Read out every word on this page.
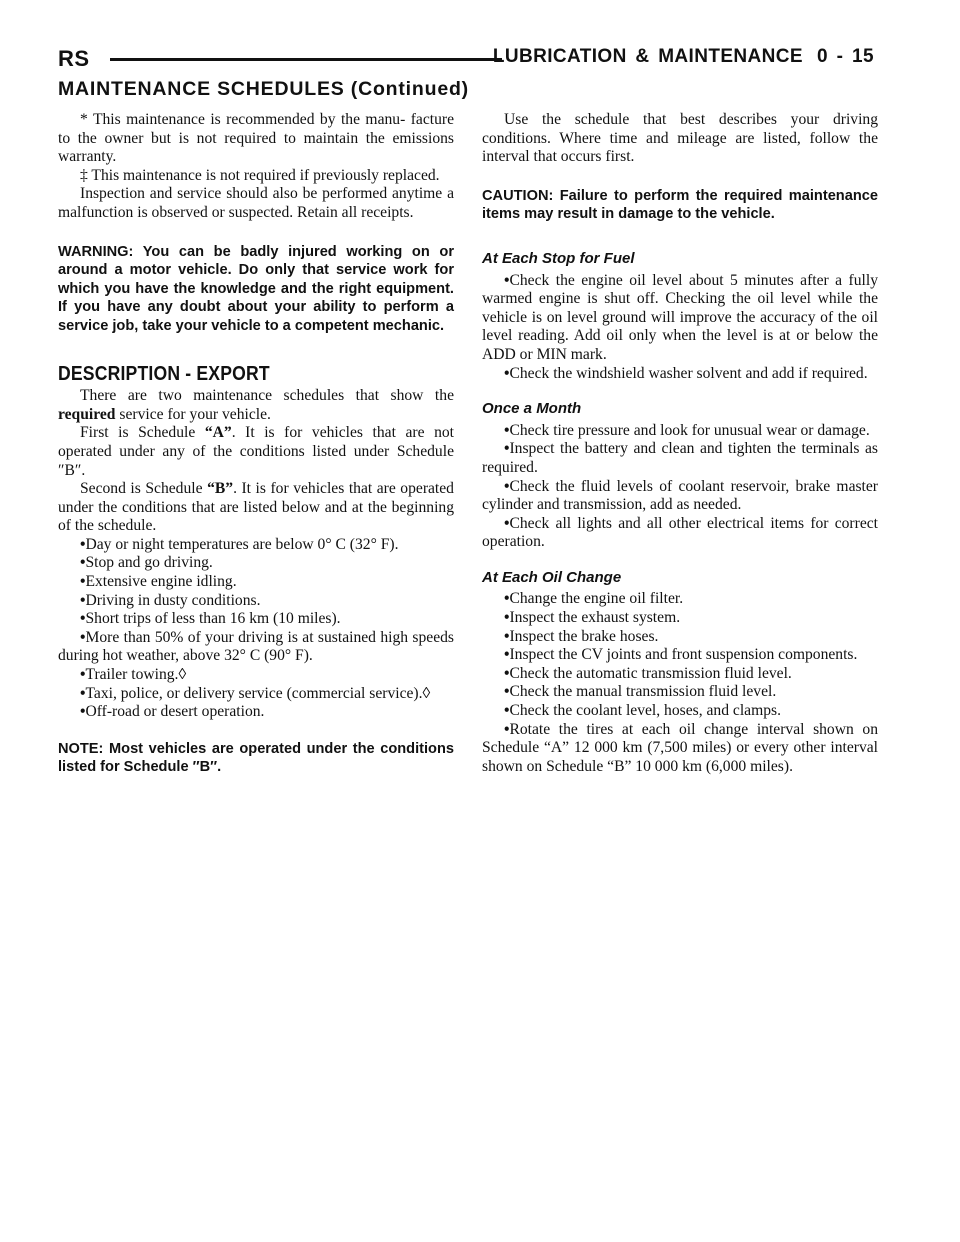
RS	LUBRICATION & MAINTENANCE 0 - 15
MAINTENANCE SCHEDULES (Continued)

* This maintenance is recommended by the manu- facture to the owner but is not required to maintain the emissions warranty.

‡ This maintenance is not required if previously replaced.

Inspection and service should also be performed anytime a malfunction is observed or suspected. Retain all receipts.

WARNING: You can be badly injured working on or around a motor vehicle. Do only that service work for which you have the knowledge and the right equipment. If you have any doubt about your ability to perform a service job, take your vehicle to a competent mechanic.

DESCRIPTION - EXPORT

There are two maintenance schedules that show the required service for your vehicle.

First is Schedule “A”. It is for vehicles that are not operated under any of the conditions listed under Schedule ″B″.

Second is Schedule “B”. It is for vehicles that are operated under the conditions that are listed below and at the beginning of the schedule.

•Day or night temperatures are below 0° C (32° F).

•Stop and go driving.

•Extensive engine idling.

•Driving in dusty conditions.

•Short trips of less than 16 km (10 miles).

•More than 50% of your driving is at sustained high speeds during hot weather, above 32° C (90° F).

•Trailer towing.◊

•Taxi, police, or delivery service (commercial service).◊

•Off-road or desert operation.

NOTE: Most vehicles are operated under the conditions listed for Schedule ″B″.

Use the schedule that best describes your driving conditions. Where time and mileage are listed, follow the interval that occurs first.

CAUTION: Failure to perform the required maintenance items may result in damage to the vehicle.

At Each Stop for Fuel

•Check the engine oil level about 5 minutes after a fully warmed engine is shut off. Checking the oil level while the vehicle is on level ground will improve the accuracy of the oil level reading. Add oil only when the level is at or below the ADD or MIN mark.

•Check the windshield washer solvent and add if required.

Once a Month

•Check tire pressure and look for unusual wear or damage.

•Inspect the battery and clean and tighten the terminals as required.

•Check the fluid levels of coolant reservoir, brake master cylinder and transmission, add as needed.

•Check all lights and all other electrical items for correct operation.

At Each Oil Change

•Change the engine oil filter.

•Inspect the exhaust system.

•Inspect the brake hoses.

•Inspect the CV joints and front suspension components.

•Check the automatic transmission fluid level.

•Check the manual transmission fluid level.

•Check the coolant level, hoses, and clamps.

•Rotate the tires at each oil change interval shown on Schedule “A” 12 000 km (7,500 miles) or every other interval shown on Schedule “B” 10 000 km (6,000 miles).
